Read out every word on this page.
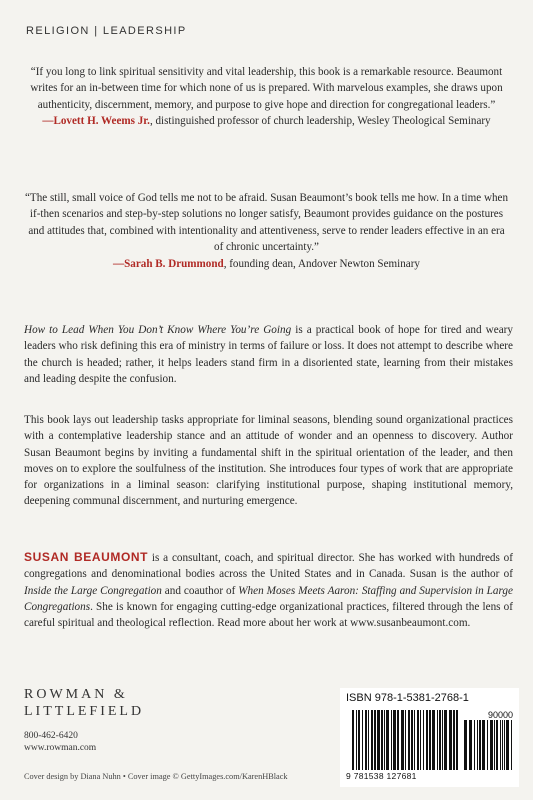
RELIGION | LEADERSHIP
“If you long to link spiritual sensitivity and vital leadership, this book is a remarkable resource. Beaumont writes for an in-between time for which none of us is prepared. With marvelous examples, she draws upon authenticity, discernment, memory, and purpose to give hope and direction for congregational leaders.”
—Lovett H. Weems Jr., distinguished professor of church leadership, Wesley Theological Seminary
“The still, small voice of God tells me not to be afraid. Susan Beaumont’s book tells me how. In a time when if-then scenarios and step-by-step solutions no longer satisfy, Beaumont provides guidance on the postures and attitudes that, combined with intentionality and attentiveness, serve to render leaders effective in an era of chronic uncertainty.”
—Sarah B. Drummond, founding dean, Andover Newton Seminary
How to Lead When You Don’t Know Where You’re Going is a practical book of hope for tired and weary leaders who risk defining this era of ministry in terms of failure or loss. It does not attempt to describe where the church is headed; rather, it helps leaders stand firm in a disoriented state, learning from their mistakes and leading despite the confusion.
This book lays out leadership tasks appropriate for liminal seasons, blending sound organizational practices with a contemplative leadership stance and an attitude of wonder and an openness to discovery. Author Susan Beaumont begins by inviting a fundamental shift in the spiritual orientation of the leader, and then moves on to explore the soulfulness of the institution. She introduces four types of work that are appropriate for organizations in a liminal season: clarifying institutional purpose, shaping institutional memory, deepening communal discernment, and nurturing emergence.
SUSAN BEAUMONT is a consultant, coach, and spiritual director. She has worked with hundreds of congregations and denominational bodies across the United States and in Canada. Susan is the author of Inside the Large Congregation and coauthor of When Moses Meets Aaron: Staffing and Supervision in Large Congregations. She is known for engaging cutting-edge organizational practices, filtered through the lens of careful spiritual and theological reflection. Read more about her work at www.susanbeaumont.com.
ROWMAN &
LITTLEFIELD
800-462-6420
www.rowman.com
Cover design by Diana Nuhn • Cover image © GettyImages.com/KarenHBlack
ISBN 978-1-5381-2768-1
90000
9 781538 127681
